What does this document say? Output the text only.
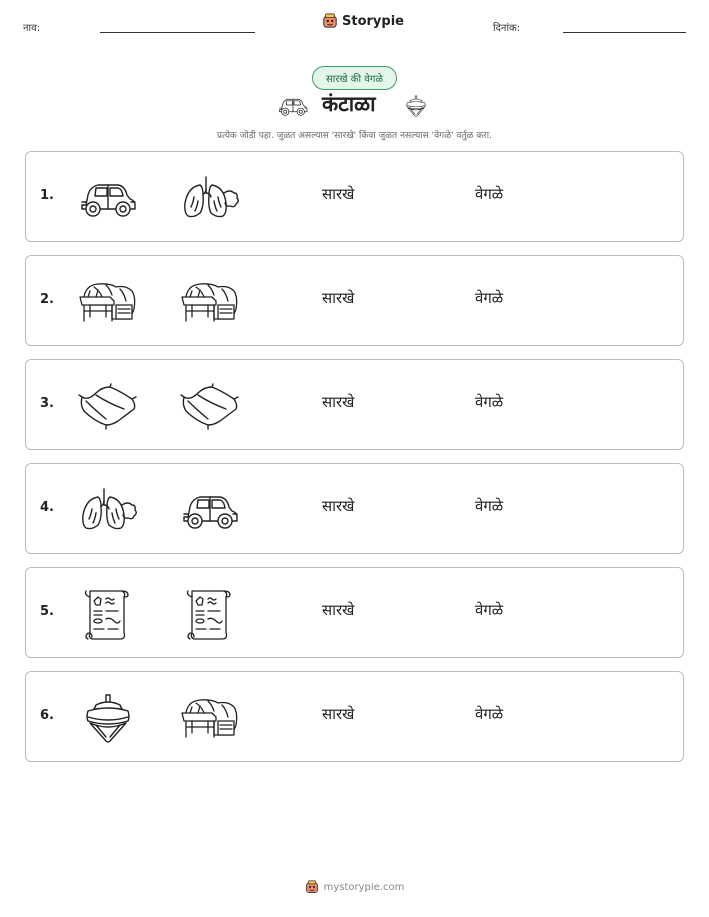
नाव:	Storypie	दिनांक:
सारखे की वेगळे
कंटाळा
प्रत्येक जोडी पहा. जुळत असल्यास 'सारखे' किंवा जुळत नसल्यास 'वेगळे' वर्तुळ करा.
1.	सारखे	वेगळे
2.	सारखे	वेगळे
3.	सारखे	वेगळे
4.	सारखे	वेगळे
5.	सारखे	वेगळे
6.	सारखे	वेगळे
mystorypie.com
